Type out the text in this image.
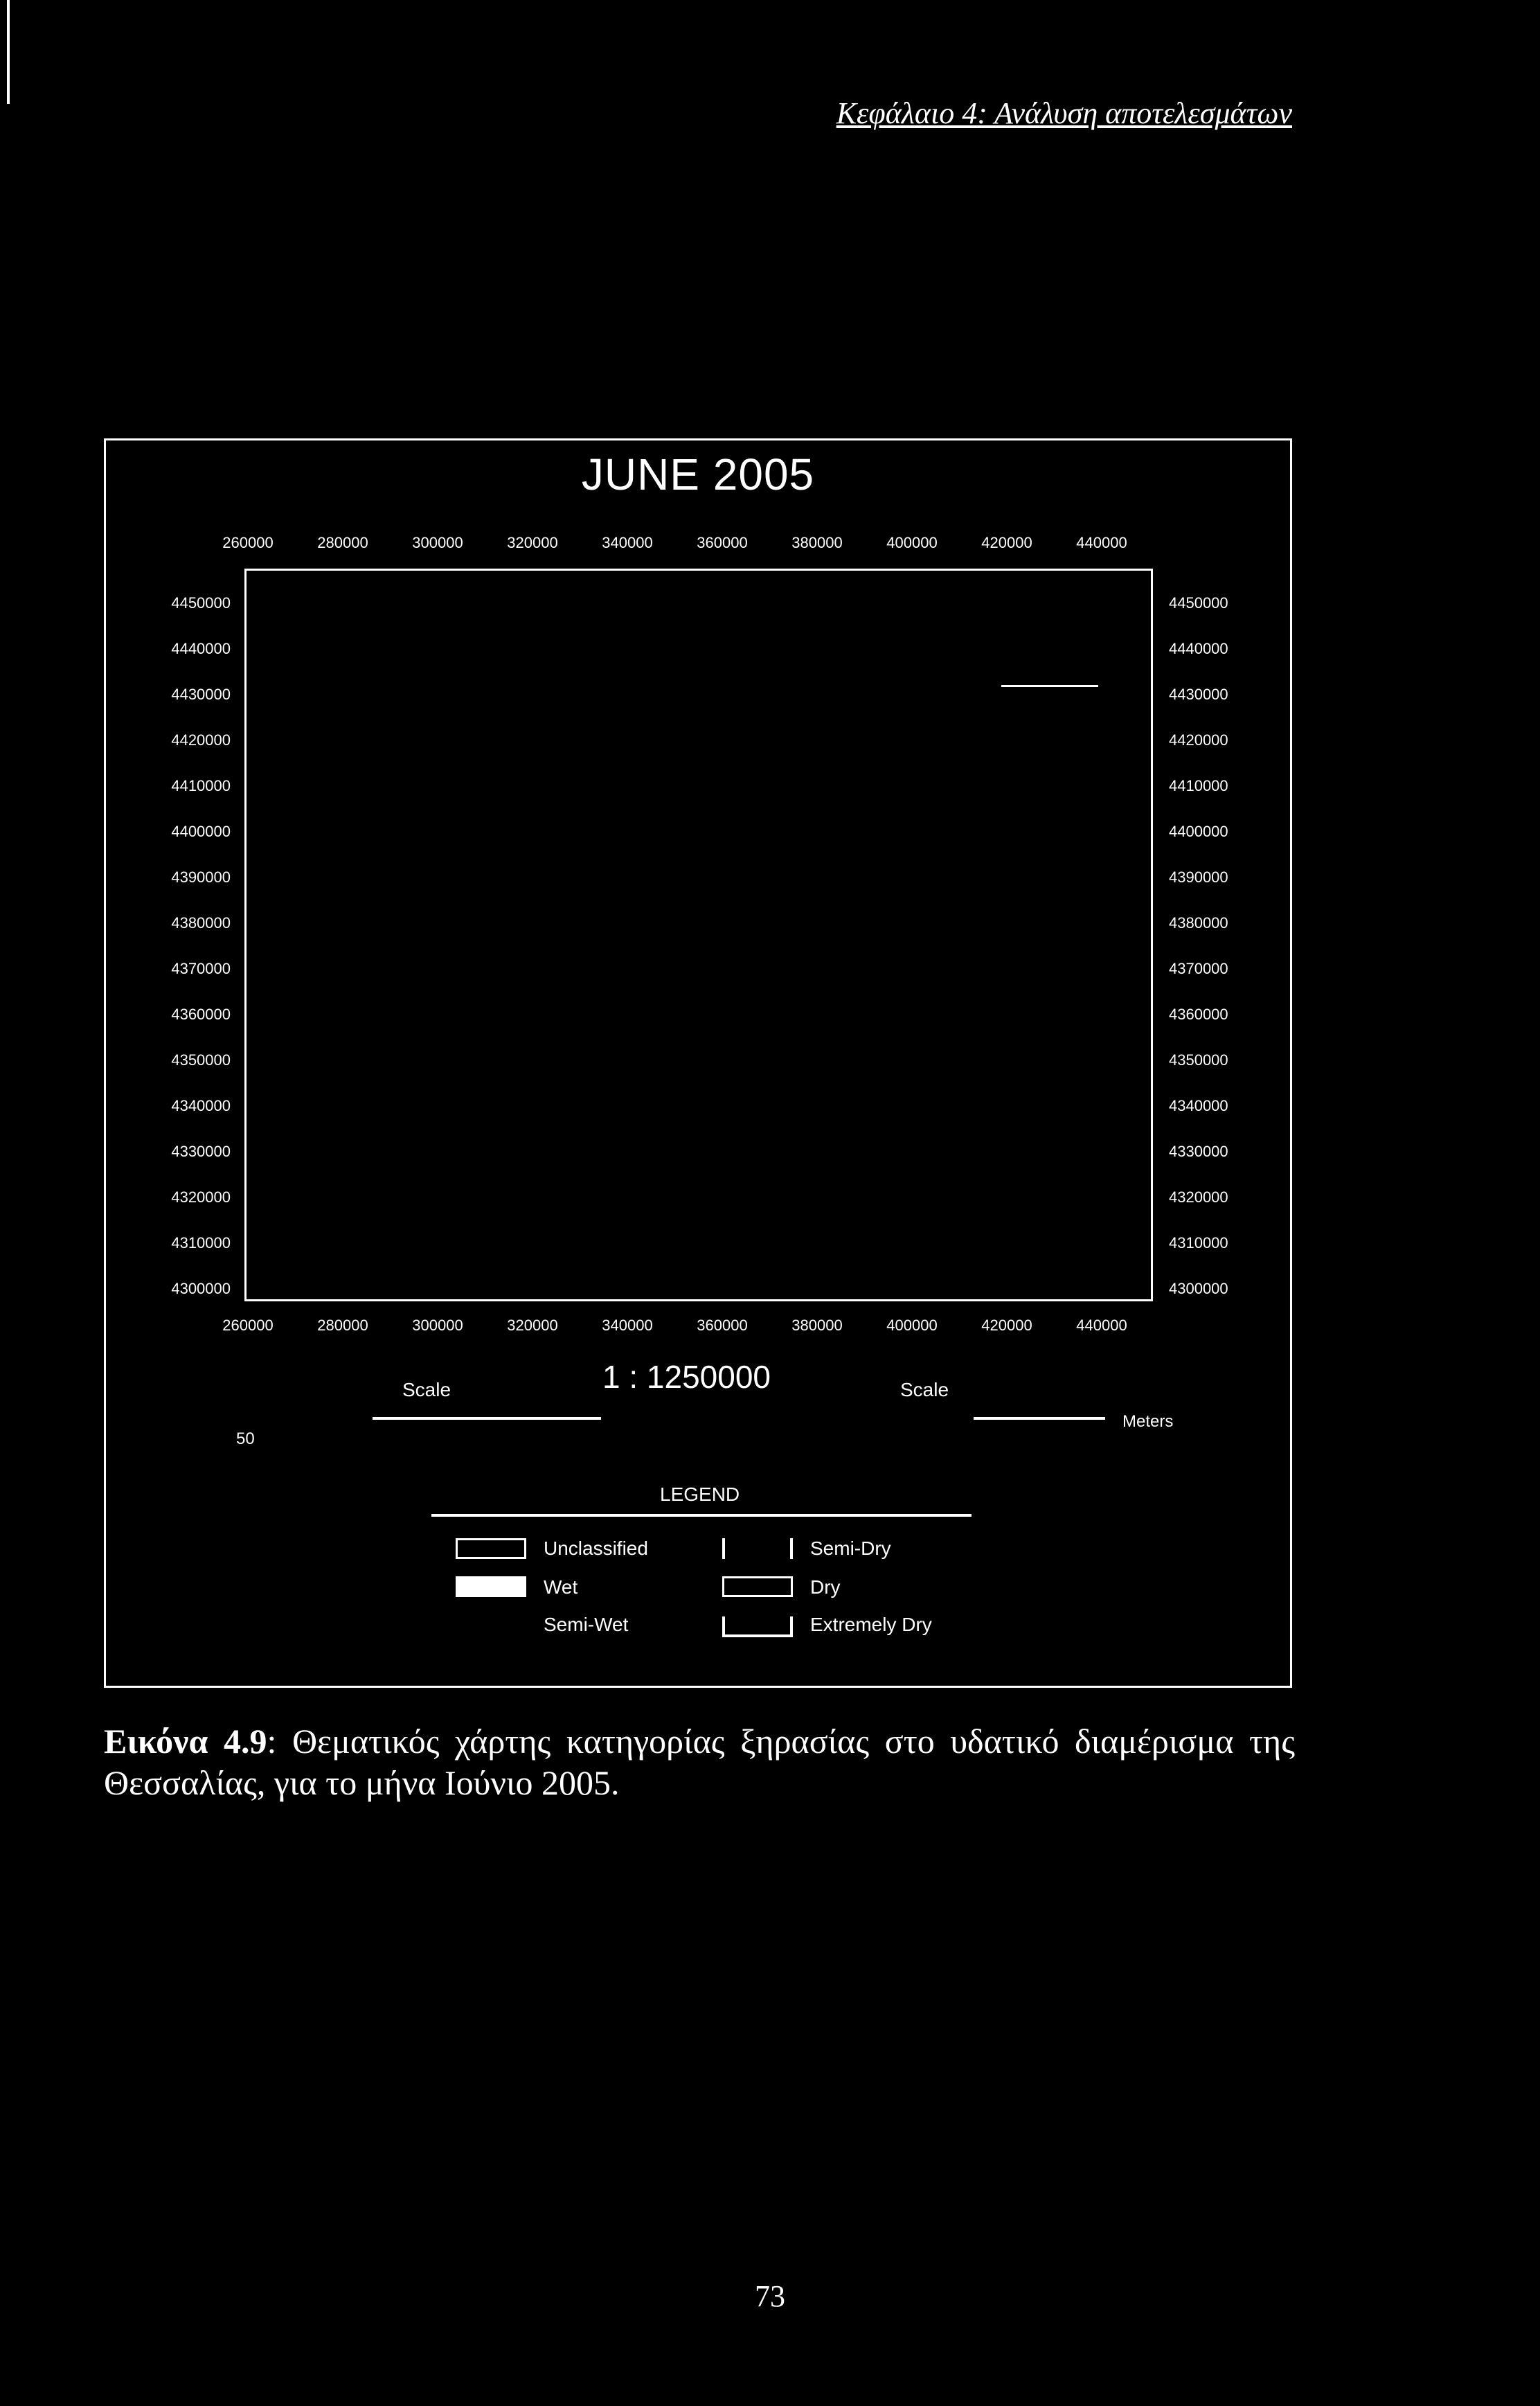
Κεφάλαιο 4: Ανάλυση αποτελεσμάτων
JUNE 2005
260000	280000	300000	320000	340000	360000	380000	400000	420000	440000
260000	280000	300000	320000	340000	360000	380000	400000	420000	440000
4450000
4440000
4430000
4420000
4410000
4400000
4390000
4380000
4370000
4360000
4350000
4340000
4330000
4320000
4310000
4300000
4450000
4440000
4430000
4420000
4410000
4400000
4390000
4380000
4370000
4360000
4350000
4340000
4330000
4320000
4310000
4300000
Scale	1 : 1250000	Scale
50
Meters
LEGEND
Unclassified
Wet
Semi-Wet
Semi-Dry
Dry
Extremely Dry
Εικόνα 4.9: Θεματικός χάρτης κατηγορίας ξηρασίας στο υδατικό διαμέρισμα της Θεσσαλίας, για το μήνα Ιούνιο 2005.
73
